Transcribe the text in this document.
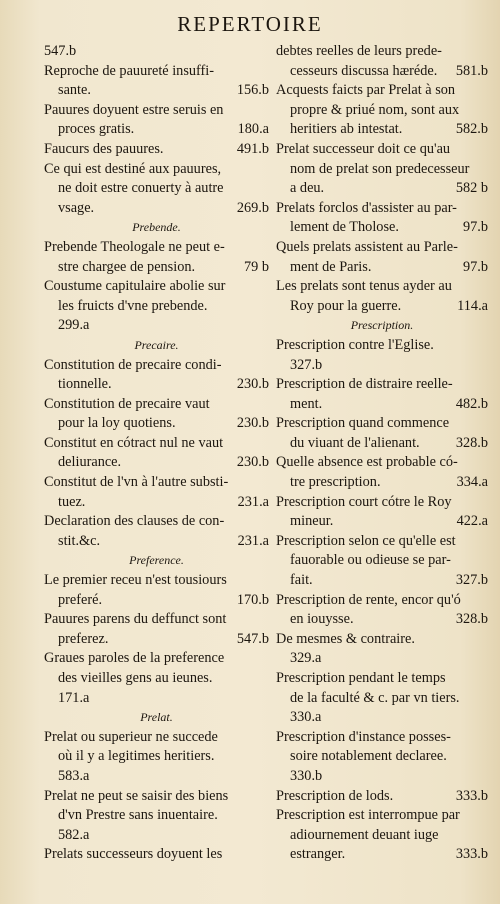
REPERTOIRE
547.b
Reproche de pauureté insuffi-
sante.	156.b
Pauures doyuent estre seruis en
proces gratis.	180.a
Faucurs des pauures.	491.b
Ce qui est destiné aux pauures,
ne doit estre conuerty à autre
vsage.	269.b
Prebende.
Prebende Theologale ne peut e-
stre chargee de pension.	79 b
Coustume capitulaire abolie sur
les fruicts d'vne prebende.
299.a
Precaire.
Constitution de precaire condi-
tionnelle.	230.b
Constitution de precaire vaut
pour la loy quotiens.	230.b
Constitut en cótract nul ne vaut
deliurance.	230.b
Constitut de l'vn à l'autre substi-
tuez.	231.a
Declaration des clauses de con-
stit.&c.	231.a
Preference.
Le premier receu n'est tousiours
preferé.	170.b
Pauures parens du deffunct sont
preferez.	547.b
Graues paroles de la preference
des vieilles gens au ieunes.
171.a
Prelat.
Prelat ou superieur ne succede
où il y a legitimes heritiers.
583.a
Prelat ne peut se saisir des biens
d'vn Prestre sans inuentaire.
582.a
Prelats successeurs doyuent les
debtes reelles de leurs prede-
cesseurs discussa hæréde. 581.b
Acquests faicts par Prelat à son
propre & priué nom, sont aux
heritiers ab intestat.	582.b
Prelat successeur doit ce qu'au
nom de prelat son predecesseur
a deu.	582 b
Prelats forclos d'assister au par-
lement de Tholose.	97.b
Quels prelats assistent au Parle-
ment de Paris.	97.b
Les prelats sont tenus ayder au
Roy pour la guerre.	114.a
Prescription.
Prescription contre l'Eglise.
327.b
Prescription de distraire reelle-
ment.	482.b
Prescription quand commence
du viuant de l'alienant.	328.b
Quelle absence est probable có-
tre prescription.	334.a
Prescription court cótre le Roy
mineur.	422.a
Prescription selon ce qu'elle est
fauorable ou odieuse se par-
fait.	327.b
Prescription de rente, encor qu'ó
en iouysse.	328.b
De mesmes & contraire.
329.a
Prescription pendant le temps
de la faculté & c. par vn tiers.
330.a
Prescription d'instance posses-
soire notablement declaree.
330.b
Prescription de lods.	333.b
Prescription est interrompue par
adiournement deuant iuge
estranger.	333.b
